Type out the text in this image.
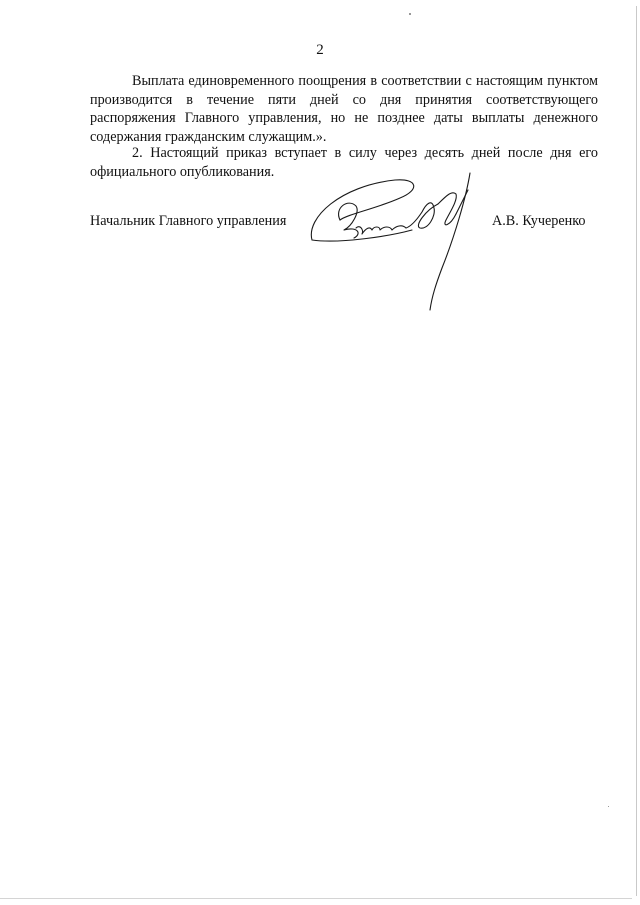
2

Выплата единовременного поощрения в соответствии с настоящим пунктом производится в течение пяти дней со дня принятия соответствующего распоряжения Главного управления, но не позднее даты выплаты денежного содержания гражданским служащим.».

2. Настоящий приказ вступает в силу через десять дней после дня его официального опубликования.

Начальник Главного управления	А.В. Кучеренко
